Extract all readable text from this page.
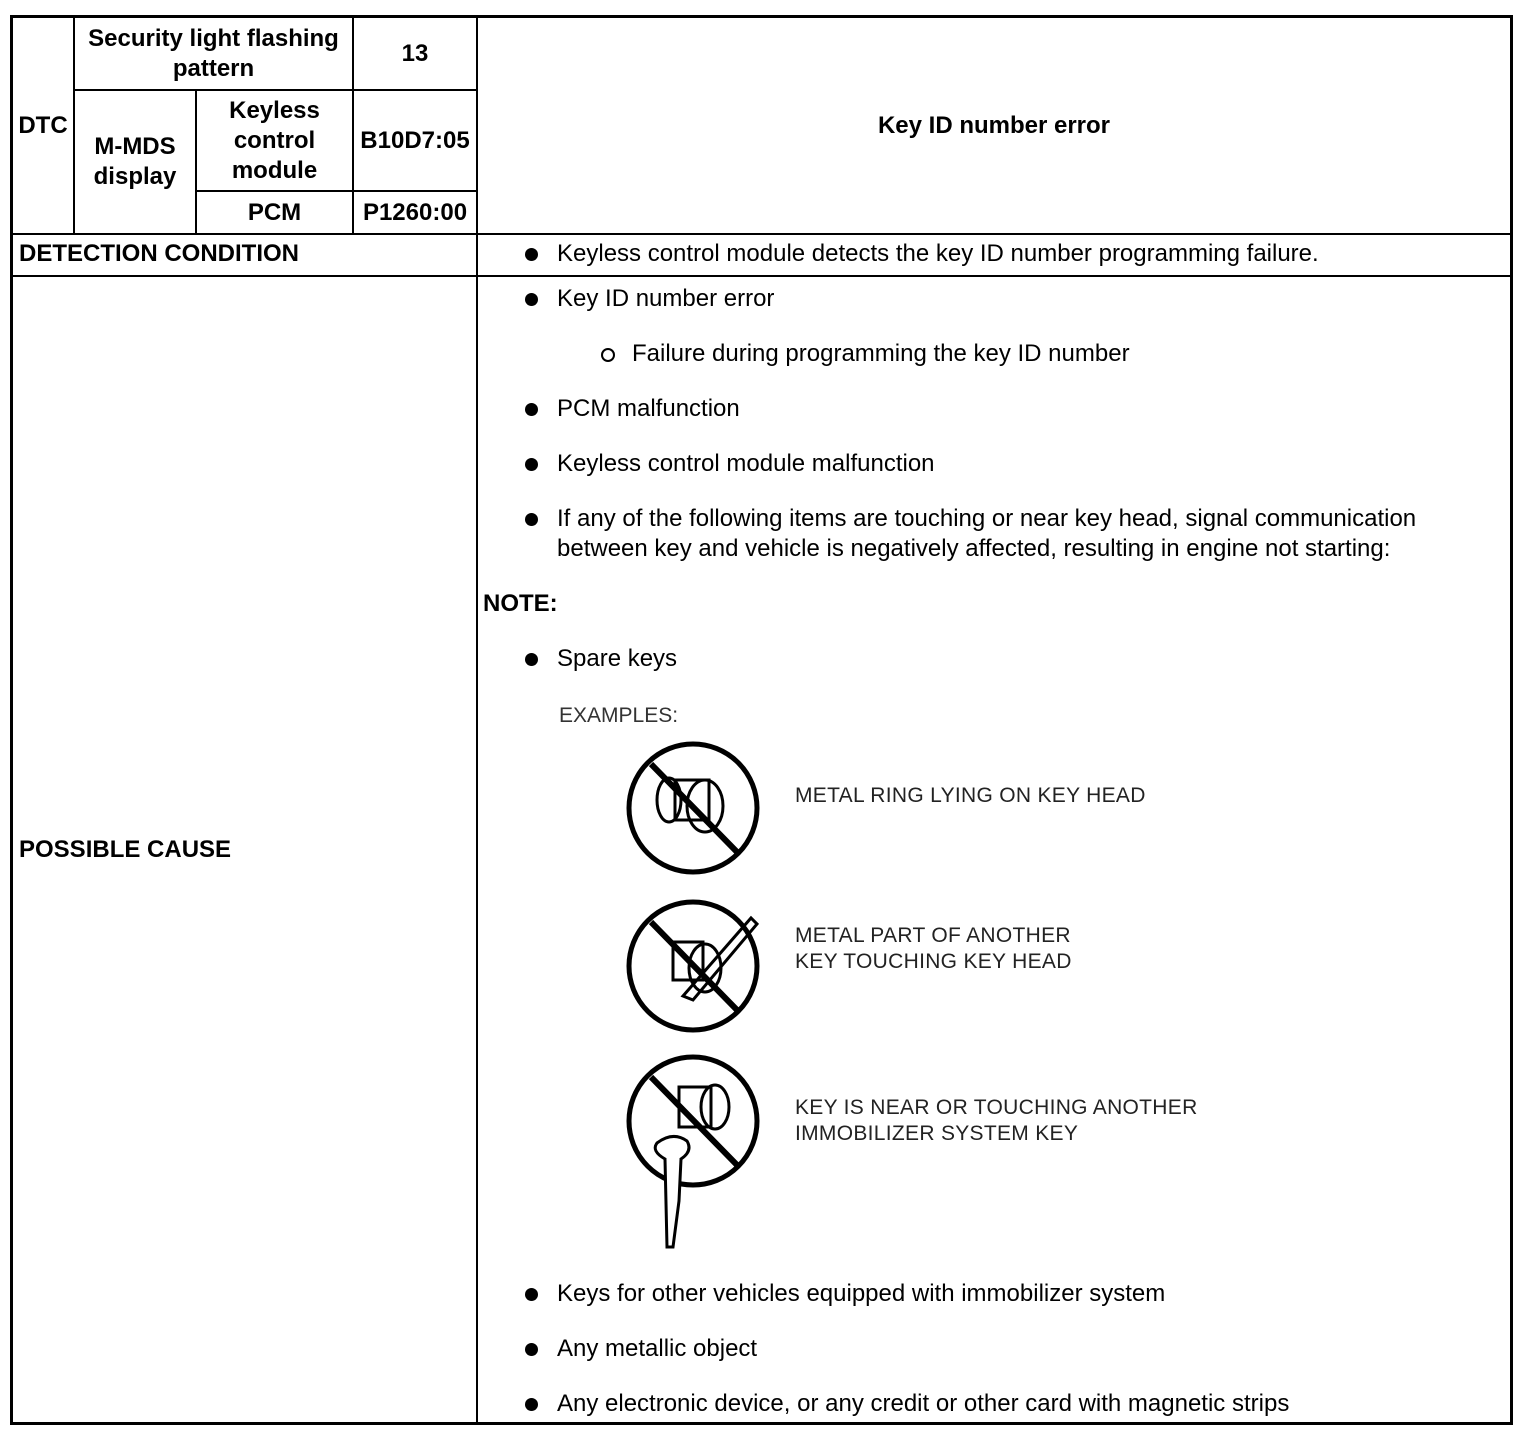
DTC
Security light flashing pattern
13
M-MDS display
Keyless control module
B10D7:05
PCM	P1260:00
Key ID number error
DETECTION CONDITION	Keyless control module detects the key ID number programming failure.
POSSIBLE CAUSE
Key ID number error
Failure during programming the key ID number
PCM malfunction
Keyless control module malfunction
If any of the following items are touching or near key head, signal communication between key and vehicle is negatively affected, resulting in engine not starting:
NOTE:
Spare keys
EXAMPLES:
METAL RING LYING ON KEY HEAD
METAL PART OF ANOTHER KEY TOUCHING KEY HEAD
KEY IS NEAR OR TOUCHING ANOTHER IMMOBILIZER SYSTEM KEY
Keys for other vehicles equipped with immobilizer system
Any metallic object
Any electronic device, or any credit or other card with magnetic strips
